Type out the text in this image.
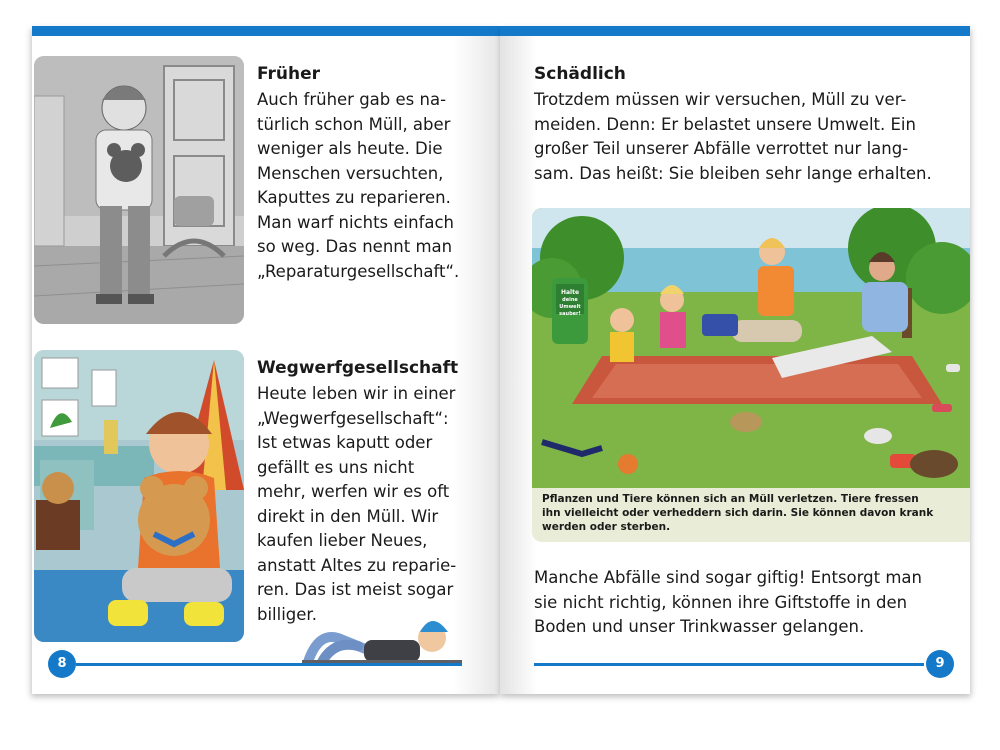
Früher
Auch früher gab es na-
türlich schon Müll, aber
weniger als heute. Die
Menschen versuchten,
Kaputtes zu reparieren.
Man warf nichts einfach
so weg. Das nennt man
„Reparaturgesellschaft“.
Wegwerfgesellschaft
Heute leben wir in einer
„Wegwerfgesellschaft“:
Ist etwas kaputt oder
gefällt es uns nicht
mehr, werfen wir es oft
direkt in den Müll. Wir
kaufen lieber Neues,
anstatt Altes zu reparie-
ren. Das ist meist sogar
billiger.
8
Schädlich
Trotzdem müssen wir versuchen, Müll zu ver-
meiden. Denn: Er belastet unsere Umwelt. Ein
großer Teil unserer Abfälle verrottet nur lang-
sam. Das heißt: Sie bleiben sehr lange erhalten.
Halte
deine
Umwelt
sauber!
Pflanzen und Tiere können sich an Müll verletzen. Tiere fressen
ihn vielleicht oder verheddern sich darin. Sie können davon krank
werden oder sterben.
Manche Abfälle sind sogar giftig! Entsorgt man
sie nicht richtig, können ihre Giftstoffe in den
Boden und unser Trinkwasser gelangen.
9
